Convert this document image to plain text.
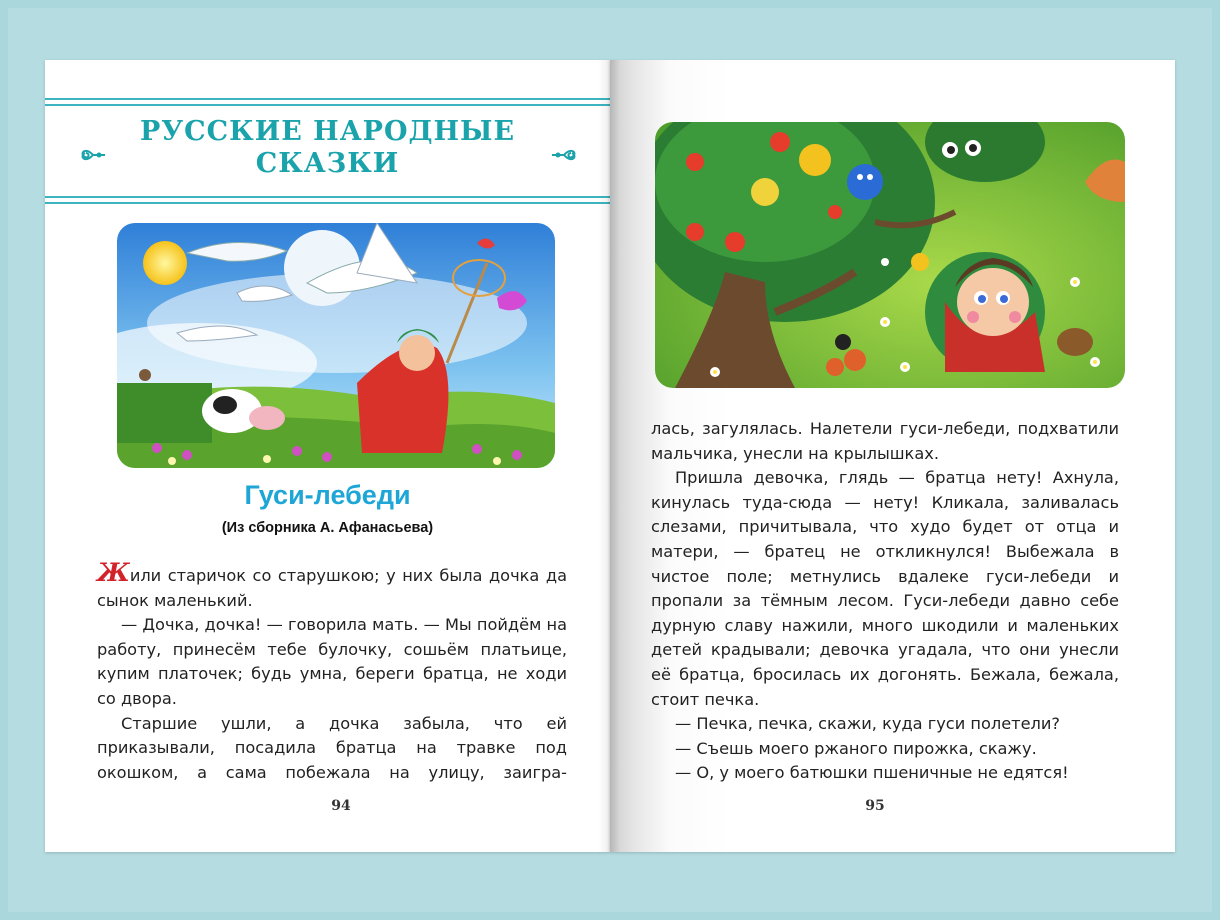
РУССКИЕ НАРОДНЫЕ
СКАЗКИ
Гуси-лебеди
(Из сборника А. Афанасьева)

Жили старичок со старушкою; у них была дочка да сынок маленький.

— Дочка, дочка! — говорила мать. — Мы пойдём на работу, принесём тебе булочку, сошьём платьице, купим платочек; будь умна, береги братца, не ходи со двора.

Старшие ушли, а дочка забыла, что ей приказывали, посадила братца на травке под окошком, а сама побежала на улицу, заигра-

94

лась, загулялась. Налетели гуси-лебеди, подхватили мальчика, унесли на крылышках.

Пришла девочка, глядь — братца нету! Ахнула, кинулась туда-сюда — нету! Кликала, заливалась слезами, причитывала, что худо будет от отца и матери, — братец не откликнулся! Выбежала в чистое поле; метнулись вдалеке гуси-лебеди и пропали за тёмным лесом. Гуси-лебеди давно себе дурную славу нажили, много шкодили и маленьких детей крадывали; девочка угадала, что они унесли её братца, бросилась их догонять. Бежала, бежала, стоит печка.

— Печка, печка, скажи, куда гуси полетели?

— Съешь моего ржаного пирожка, скажу.

— О, у моего батюшки пшеничные не едятся!

95
